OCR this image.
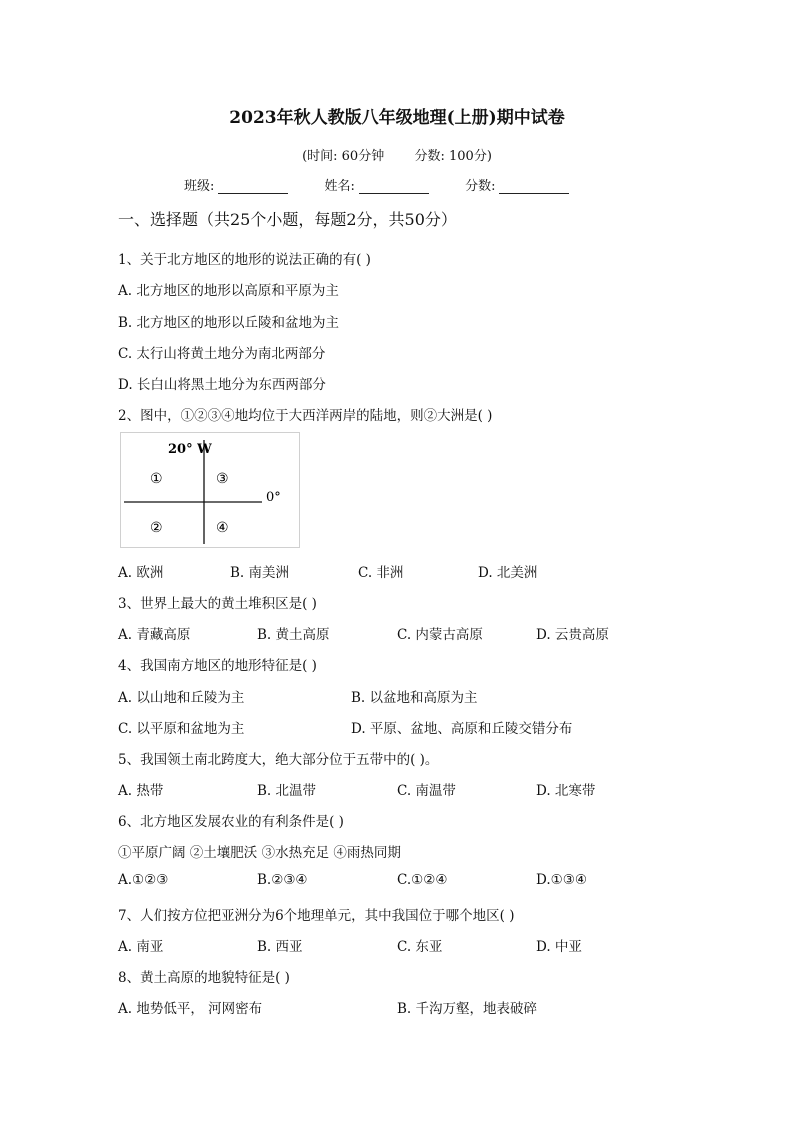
2023年秋人教版八年级地理(上册)期中试卷
(时间: 60分钟 分数: 100分)
班级:	姓名:	分数:
一、选择题（共25个小题，每题2分，共50分）
1、关于北方地区的地形的说法正确的有( )
A. 北方地区的地形以高原和平原为主
B. 北方地区的地形以丘陵和盆地为主
C. 太行山将黄土地分为南北两部分
D. 长白山将黑土地分为东西两部分
2、图中，①②③④地均位于大西洋两岸的陆地，则②大洲是( )
20° W
0°
①
②
③
④
A. 欧洲	B. 南美洲	C. 非洲	D. 北美洲
3、世界上最大的黄土堆积区是( )
A. 青藏高原	B. 黄土高原	C. 内蒙古高原	D. 云贵高原
4、我国南方地区的地形特征是( )
A. 以山地和丘陵为主	B. 以盆地和高原为主
C. 以平原和盆地为主	D. 平原、盆地、高原和丘陵交错分布
5、我国领土南北跨度大，绝大部分位于五带中的( )。
A. 热带	B. 北温带	C. 南温带	D. 北寒带
6、北方地区发展农业的有利条件是( )
①平原广阔 ②土壤肥沃 ③水热充足 ④雨热同期
A.①②③	B.②③④	C.①②④	D.①③④
7、人们按方位把亚洲分为6个地理单元，其中我国位于哪个地区( )
A. 南亚	B. 西亚	C. 东亚	D. 中亚
8、黄土高原的地貌特征是( )
A. 地势低平， 河网密布	B. 千沟万壑，地表破碎
